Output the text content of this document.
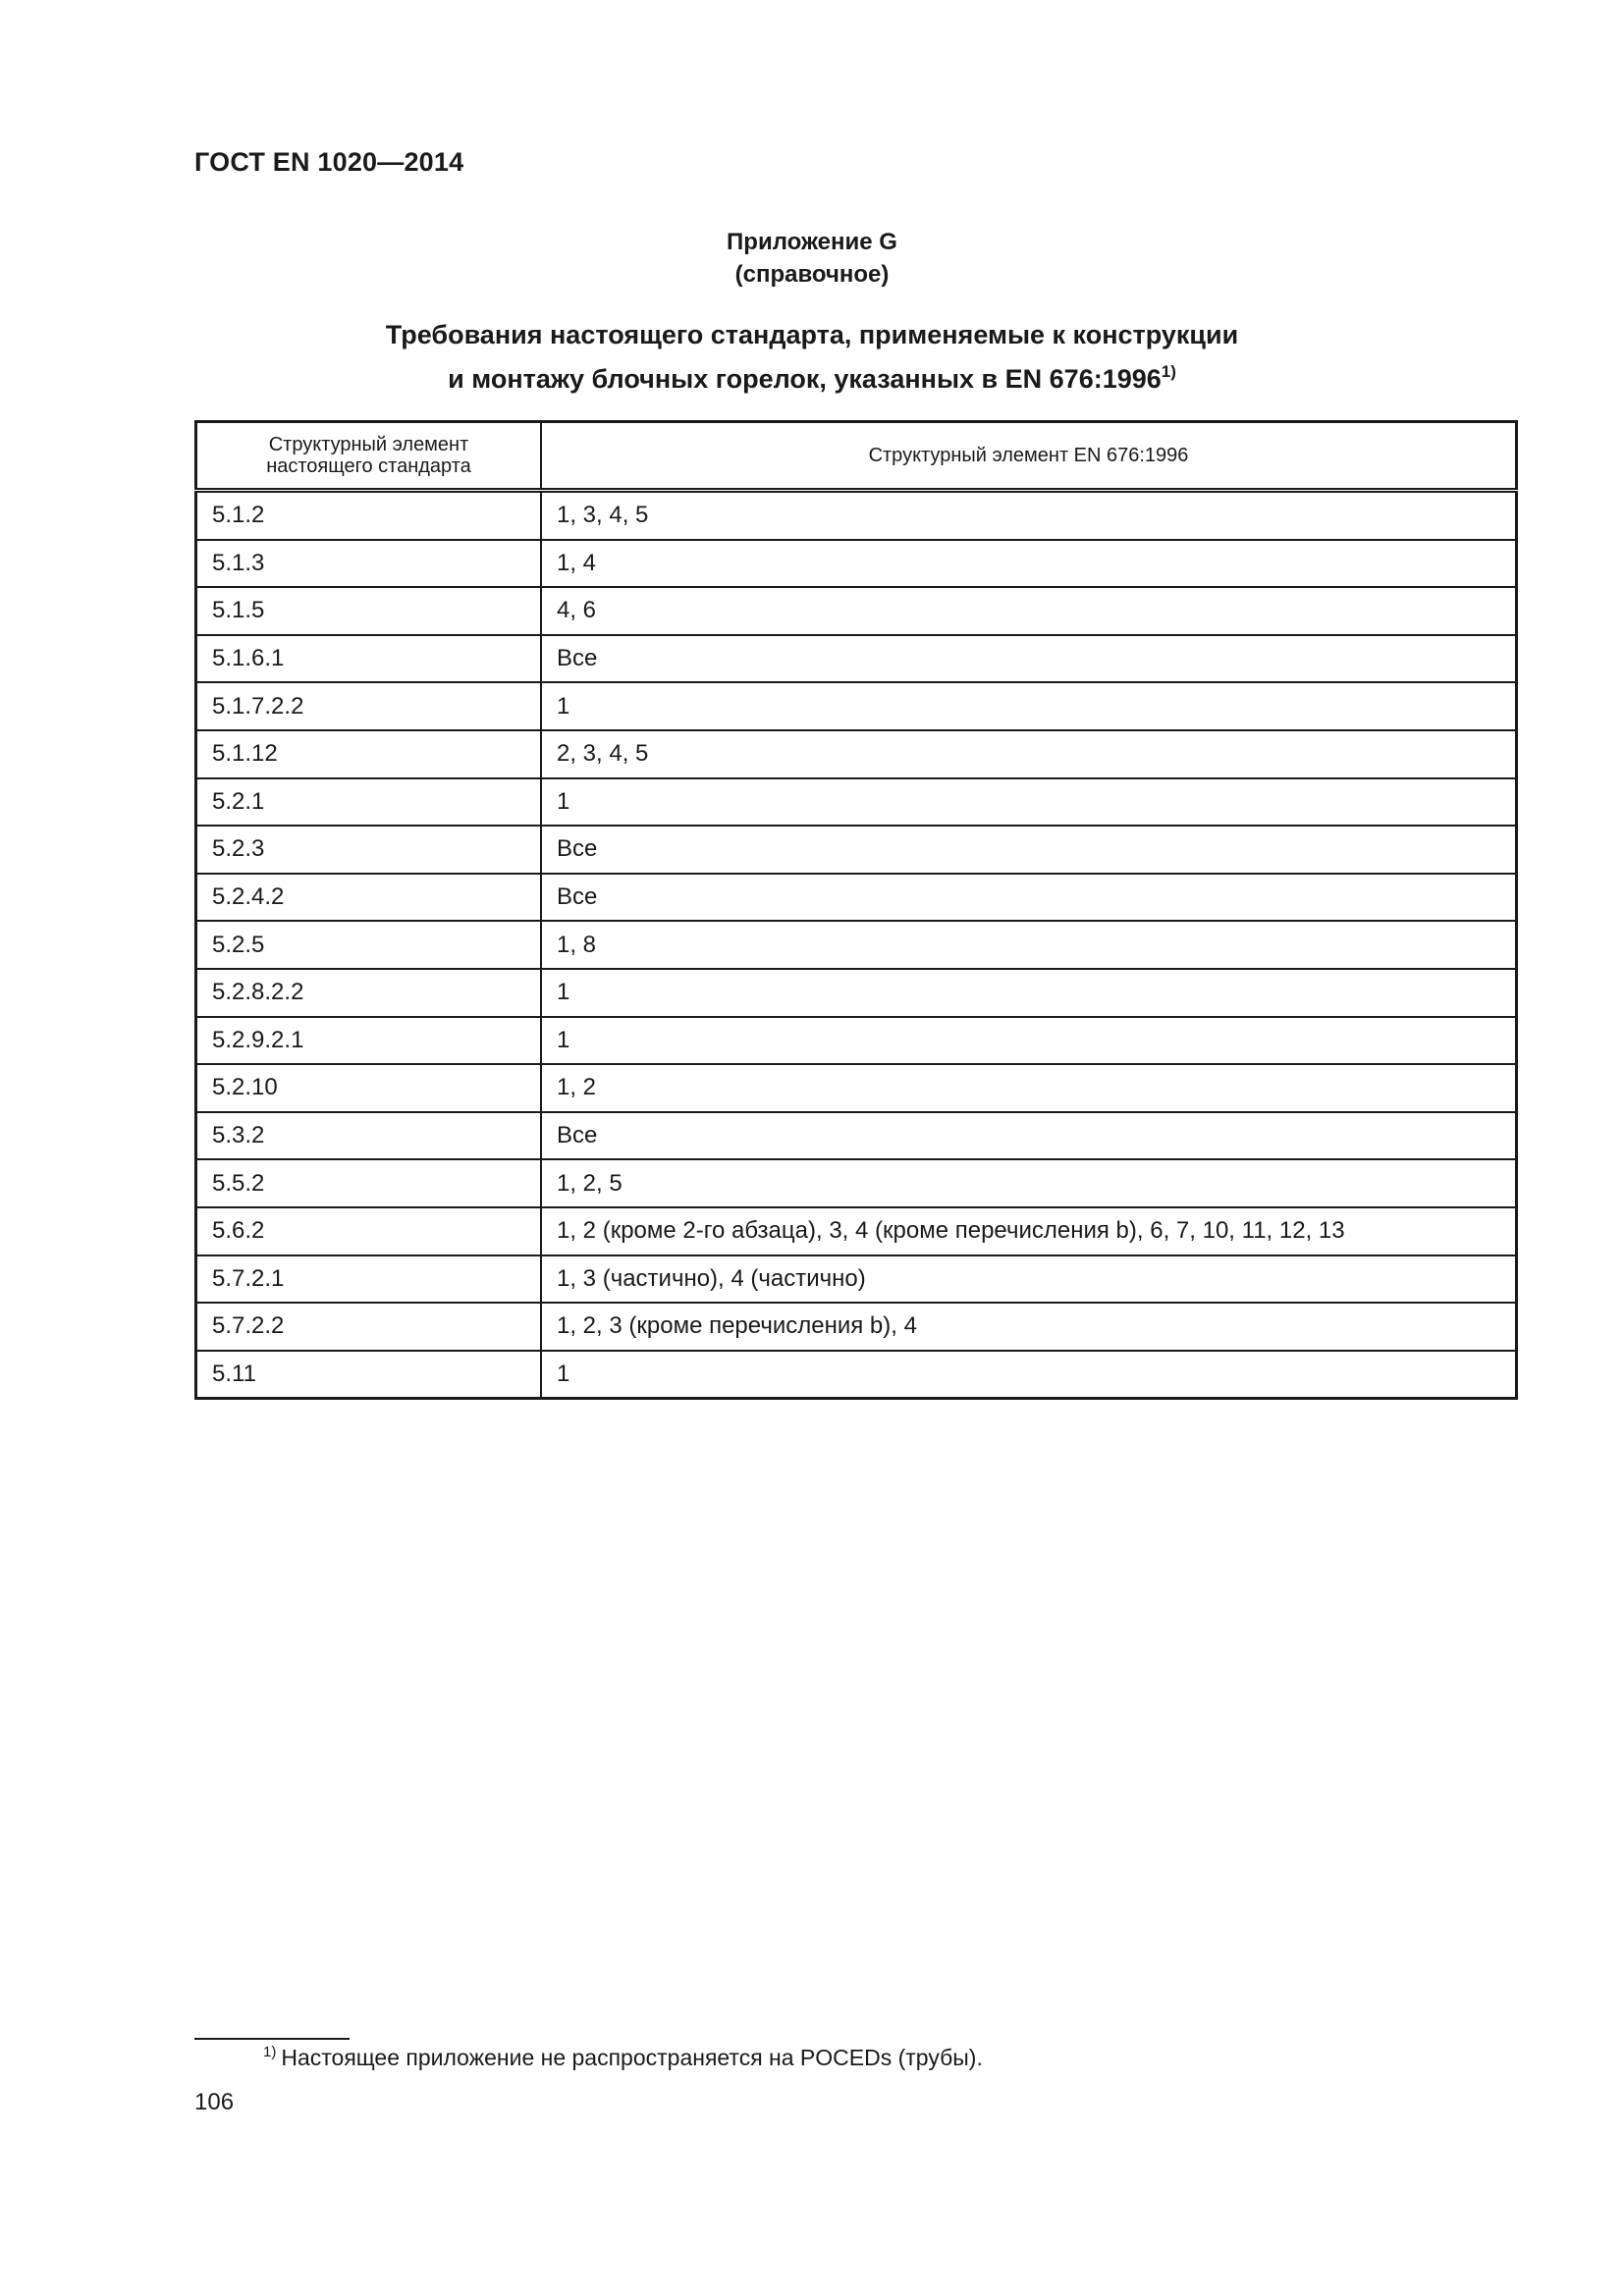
ГОСТ EN 1020—2014
Приложение G
(справочное)
Требования настоящего стандарта, применяемые к конструкции
и монтажу блочных горелок, указанных в EN 676:1996$^{1)}$
Структурный элемент
настоящего стандарта	Структурный элемент EN 676:1996
5.1.2	1, 3, 4, 5
5.1.3	1, 4
5.1.5	4, 6
5.1.6.1	Все
5.1.7.2.2	1
5.1.12	2, 3, 4, 5
5.2.1	1
5.2.3	Все
5.2.4.2	Все
5.2.5	1, 8
5.2.8.2.2	1
5.2.9.2.1	1
5.2.10	1, 2
5.3.2	Все
5.5.2	1, 2, 5
5.6.2	1, 2 (кроме 2-го абзаца), 3, 4 (кроме перечисления b), 6, 7, 10, 11, 12, 13
5.7.2.1	1, 3 (частично), 4 (частично)
5.7.2.2	1, 2, 3 (кроме перечисления b), 4
5.11	1
$^{1)}$ Настоящее приложение не распространяется на POCEDs (трубы).
106
